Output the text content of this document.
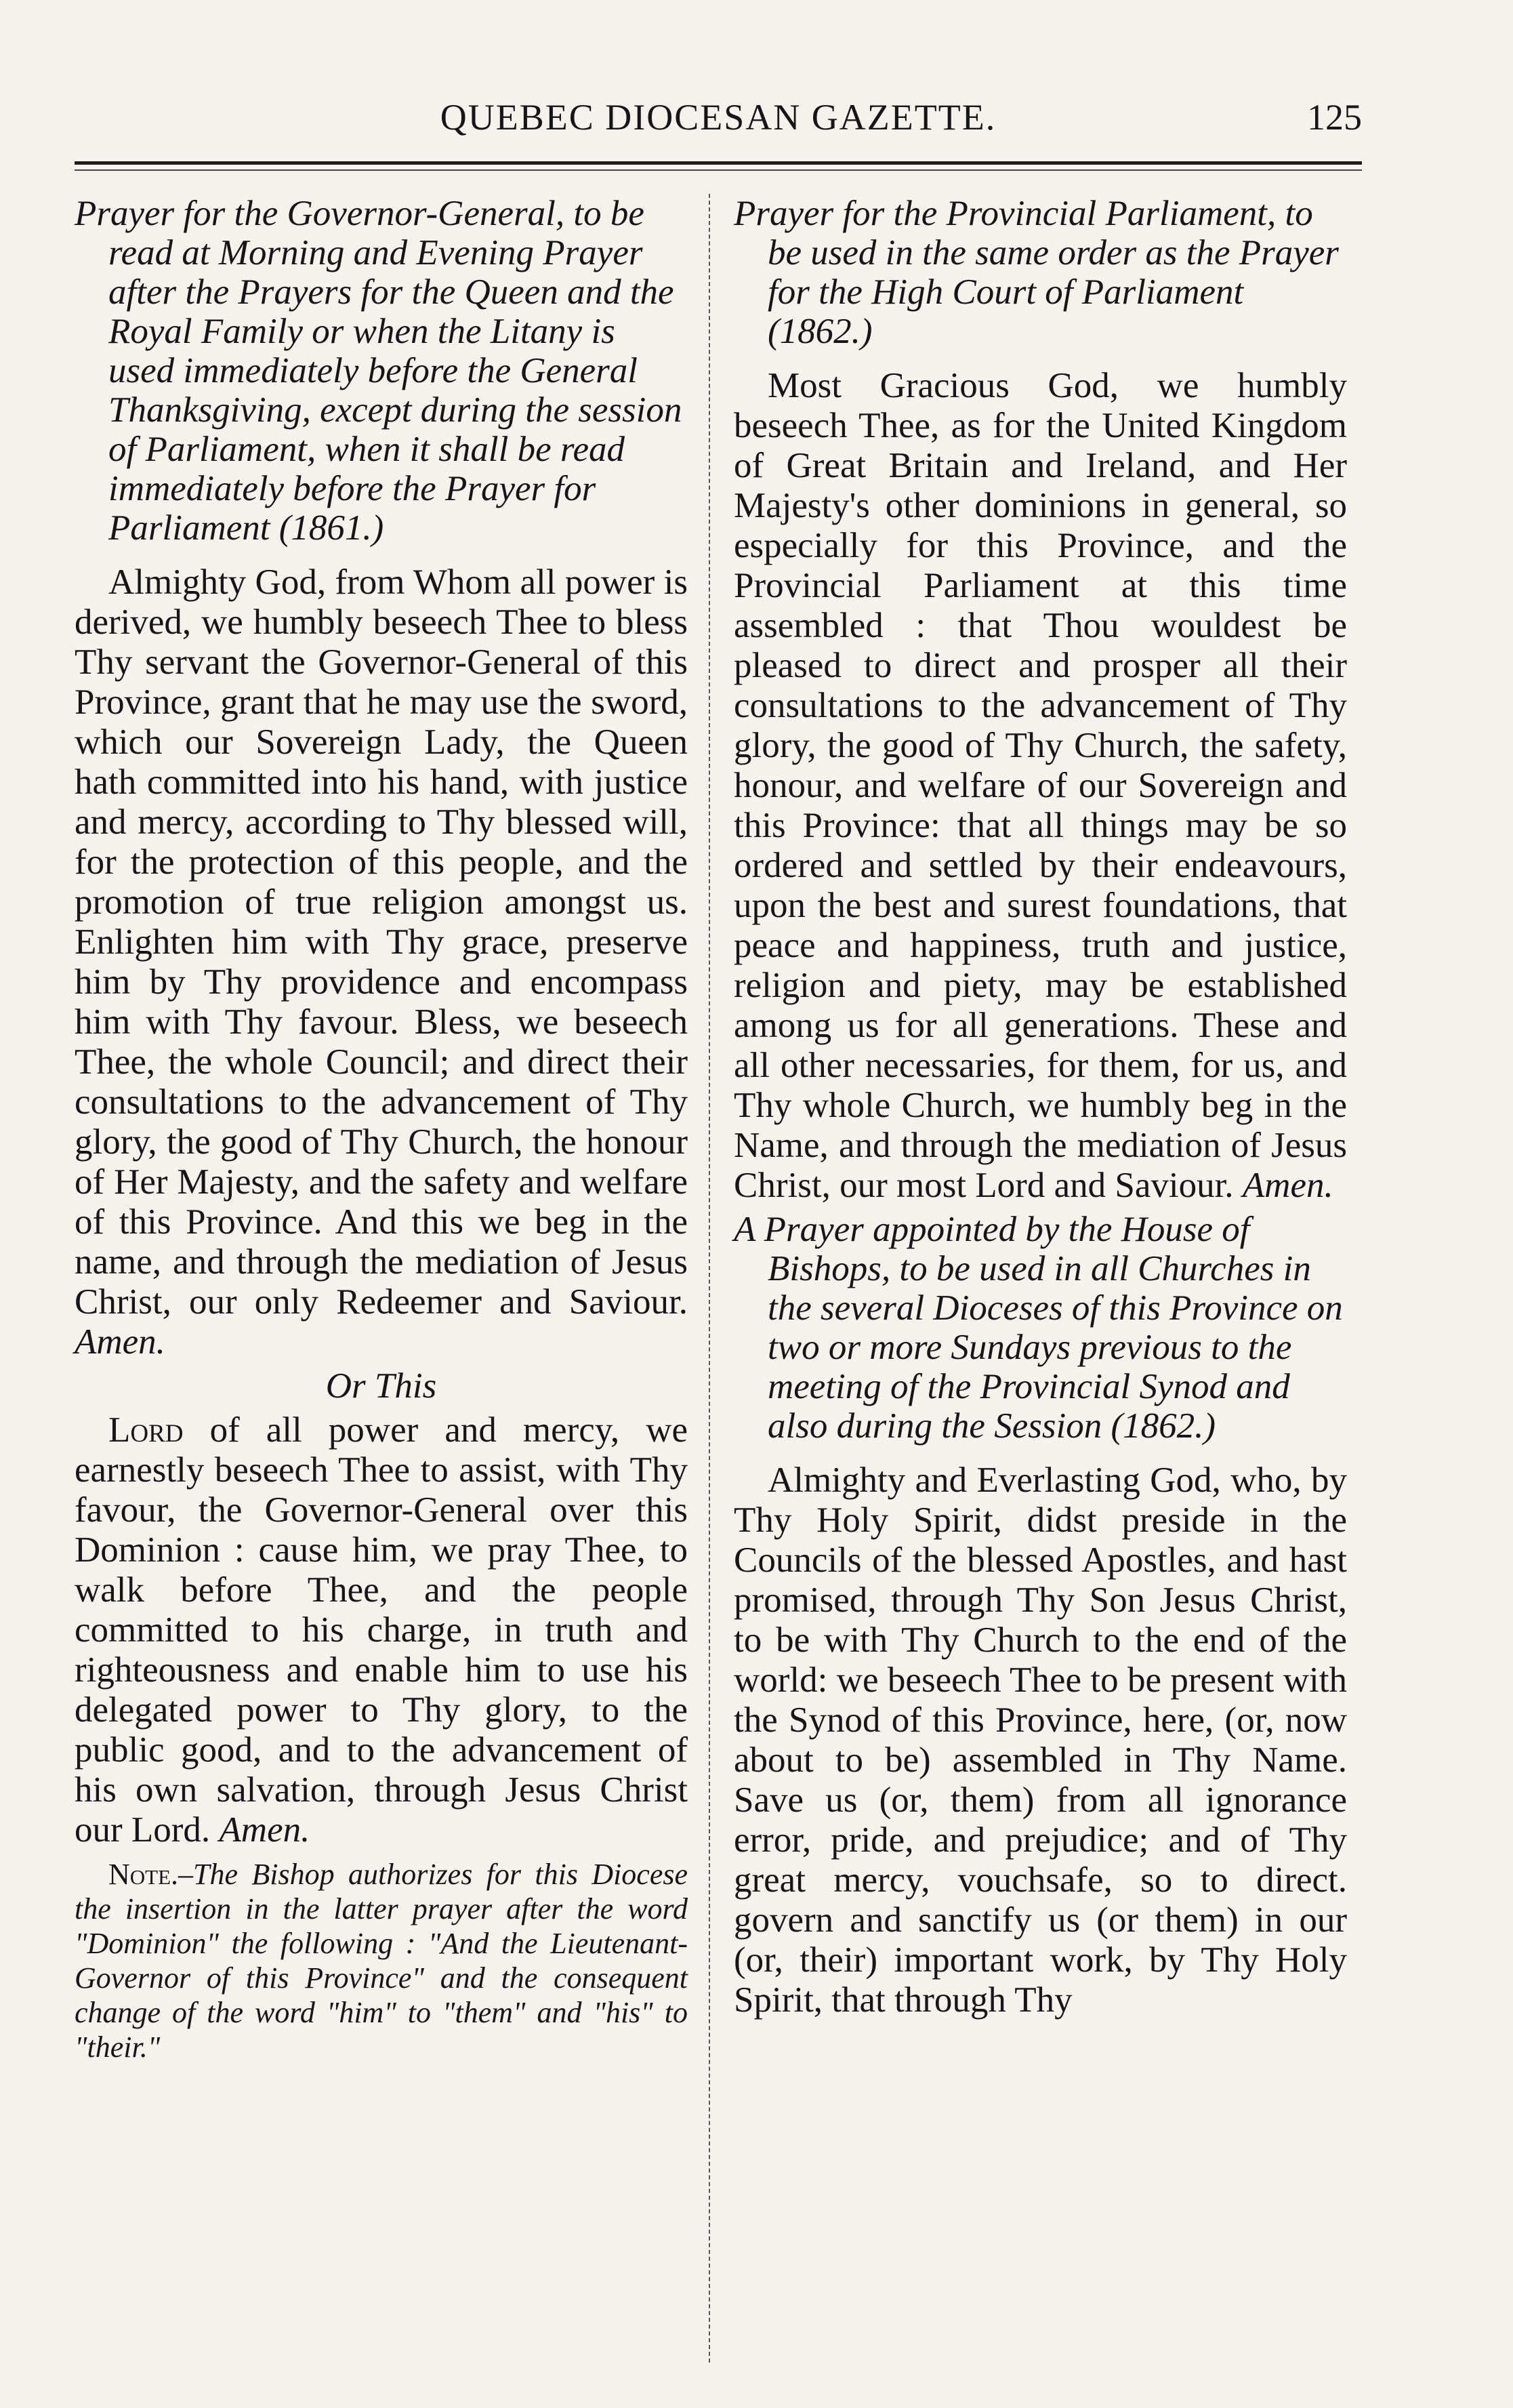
QUEBEC DIOCESAN GAZETTE.	125

Prayer for the Governor-General, to be read at Morning and Evening Prayer after the Prayers for the Queen and the Royal Family or when the Litany is used immediately before the General Thanksgiving, except during the session of Parliament, when it shall be read immediately before the Prayer for Parliament (1861.)

Almighty God, from Whom all power is derived, we humbly beseech Thee to bless Thy servant the Governor-General of this Province, grant that he may use the sword, which our Sovereign Lady, the Queen hath committed into his hand, with justice and mercy, according to Thy blessed will, for the protection of this people, and the promotion of true religion amongst us. Enlighten him with Thy grace, preserve him by Thy providence and encompass him with Thy favour. Bless, we beseech Thee, the whole Council; and direct their consultations to the advancement of Thy glory, the good of Thy Church, the honour of Her Majesty, and the safety and welfare of this Province. And this we beg in the name, and through the mediation of Jesus Christ, our only Redeemer and Saviour. Amen.

Or This

Lord of all power and mercy, we earnestly beseech Thee to assist, with Thy favour, the Governor-General over this Dominion : cause him, we pray Thee, to walk before Thee, and the people committed to his charge, in truth and righteousness and enable him to use his delegated power to Thy glory, to the public good, and to the advancement of his own salvation, through Jesus Christ our Lord. Amen.

Note.–The Bishop authorizes for this Diocese the insertion in the latter prayer after the word "Dominion" the following : "And the Lieutenant-Governor of this Province" and the consequent change of the word "him" to "them" and "his" to "their."

Prayer for the Provincial Parliament, to be used in the same order as the Prayer for the High Court of Parliament (1862.)

Most Gracious God, we humbly beseech Thee, as for the United Kingdom of Great Britain and Ireland, and Her Majesty's other dominions in general, so especially for this Province, and the Provincial Parliament at this time assembled : that Thou wouldest be pleased to direct and prosper all their consultations to the advancement of Thy glory, the good of Thy Church, the safety, honour, and welfare of our Sovereign and this Province: that all things may be so ordered and settled by their endeavours, upon the best and surest foundations, that peace and happiness, truth and justice, religion and piety, may be established among us for all generations. These and all other necessaries, for them, for us, and Thy whole Church, we humbly beg in the Name, and through the mediation of Jesus Christ, our most Lord and Saviour. Amen.

A Prayer appointed by the House of Bishops, to be used in all Churches in the several Dioceses of this Province on two or more Sundays previous to the meeting of the Provincial Synod and also during the Session (1862.)

Almighty and Everlasting God, who, by Thy Holy Spirit, didst preside in the Councils of the blessed Apostles, and hast promised, through Thy Son Jesus Christ, to be with Thy Church to the end of the world: we beseech Thee to be present with the Synod of this Province, here, (or, now about to be) assembled in Thy Name. Save us (or, them) from all ignorance error, pride, and prejudice; and of Thy great mercy, vouchsafe, so to direct. govern and sanctify us (or them) in our (or, their) important work, by Thy Holy Spirit, that through Thy
